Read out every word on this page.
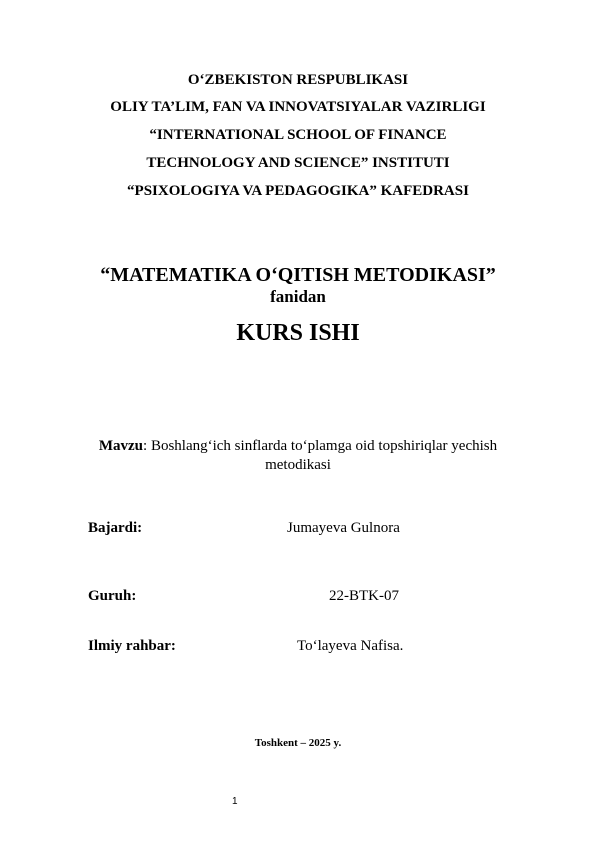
O‘ZBEKISTON RESPUBLIKASI
OLIY TA’LIM, FAN VA INNOVATSIYALAR VAZIRLIGI
“INTERNATIONAL SCHOOL OF FINANCE
TECHNOLOGY AND SCIENCE” INSTITUTI
“PSIXOLOGIYA VA PEDAGOGIKA” KAFEDRASI
“MATEMATIKA O‘QITISH METODIKASI”
fanidan
KURS ISHI
Mavzu: Boshlang‘ich sinflarda to‘plamga oid topshiriqlar yechish
metodikasi
Bajardi:	Jumayeva Gulnora
Guruh:	22-BTK-07
Ilmiy rahbar:	To‘layeva Nafisa.
Toshkent – 2025 y.
1
